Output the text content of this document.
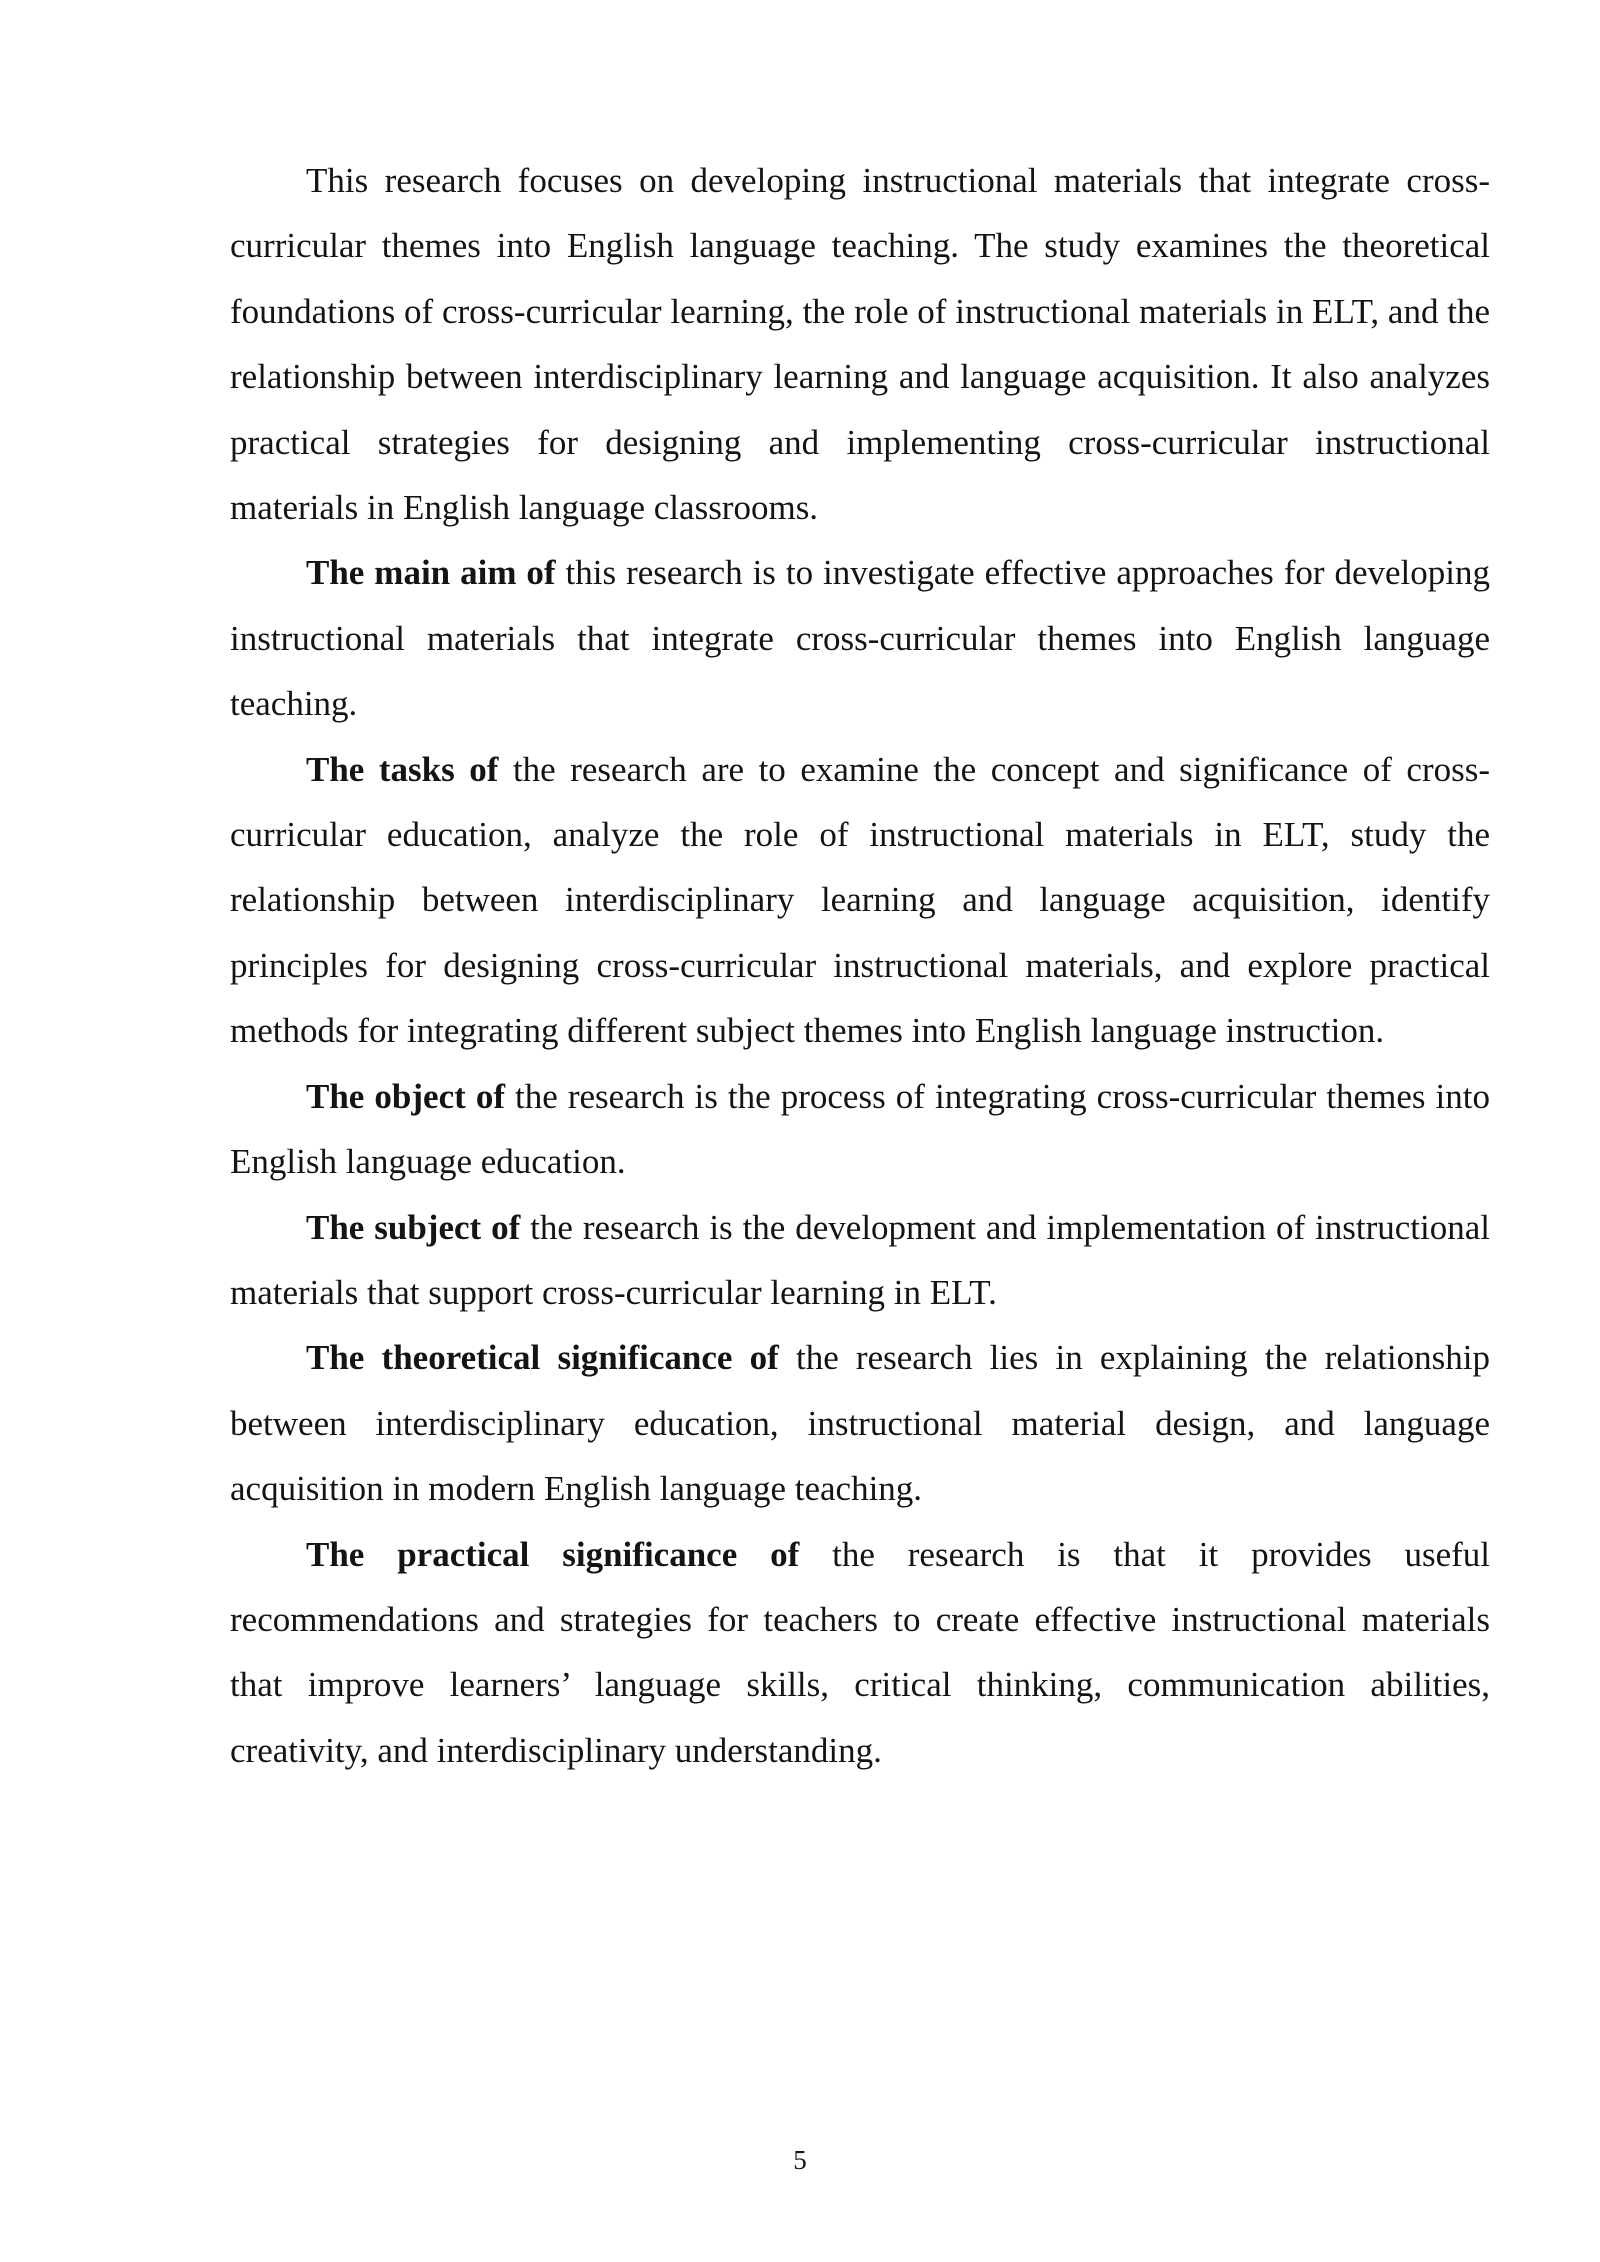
This research focuses on developing instructional materials that integrate cross-curricular themes into English language teaching. The study examines the theoretical foundations of cross-curricular learning, the role of instructional materials in ELT, and the relationship between interdisciplinary learning and language acquisition. It also analyzes practical strategies for designing and implementing cross-curricular instructional materials in English language classrooms.

The main aim of this research is to investigate effective approaches for developing instructional materials that integrate cross-curricular themes into English language teaching.

The tasks of the research are to examine the concept and significance of cross-curricular education, analyze the role of instructional materials in ELT, study the relationship between interdisciplinary learning and language acquisition, identify principles for designing cross-curricular instructional materials, and explore practical methods for integrating different subject themes into English language instruction.

The object of the research is the process of integrating cross-curricular themes into English language education.

The subject of the research is the development and implementation of instructional materials that support cross-curricular learning in ELT.

The theoretical significance of the research lies in explaining the relationship between interdisciplinary education, instructional material design, and language acquisition in modern English language teaching.

The practical significance of the research is that it provides useful recommendations and strategies for teachers to create effective instructional materials that improve learners’ language skills, critical thinking, communication abilities, creativity, and interdisciplinary understanding.

5
